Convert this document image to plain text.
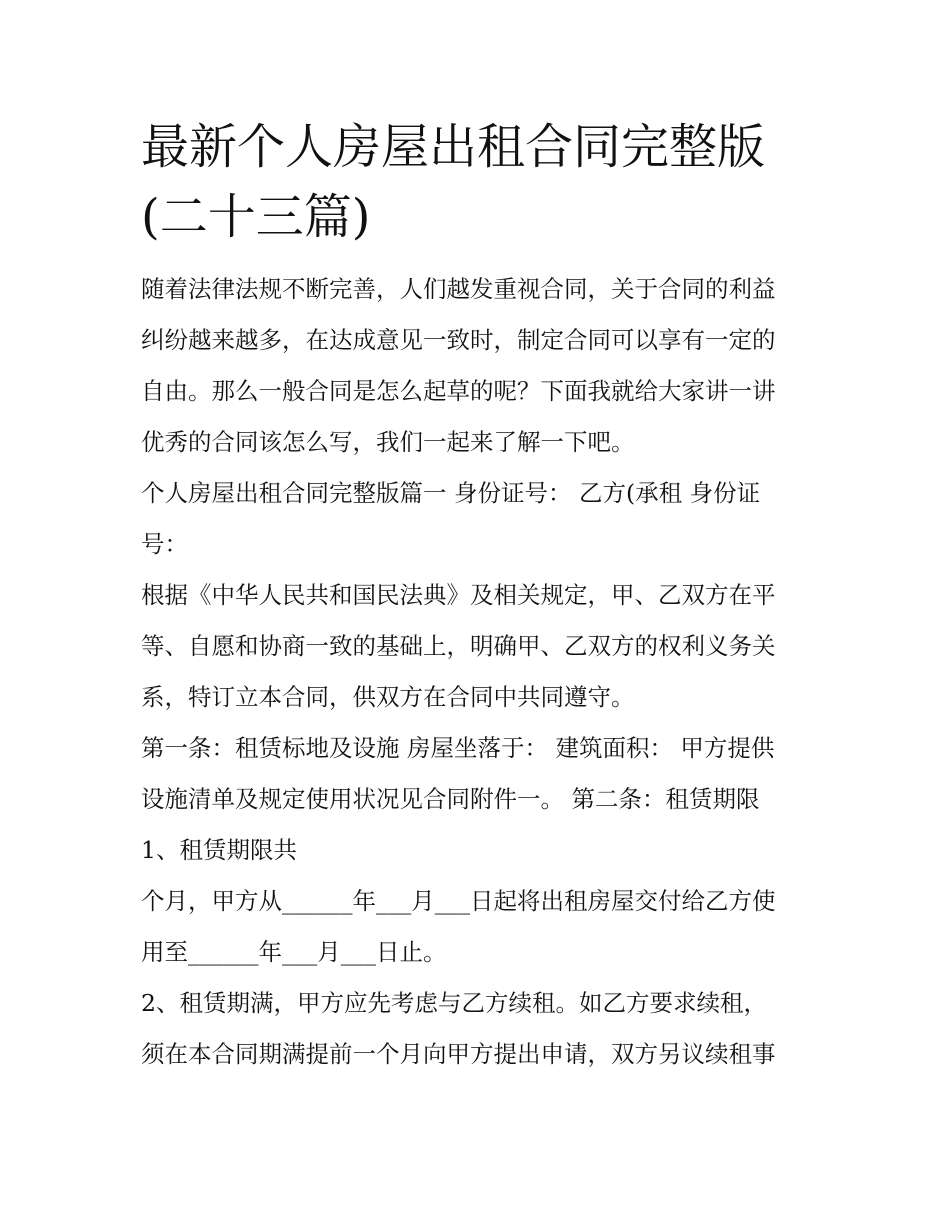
最新个人房屋出租合同完整版
(二十三篇)

随着法律法规不断完善，人们越发重视合同，关于合同的利益
纠纷越来越多，在达成意见一致时，制定合同可以享有一定的
自由。那么一般合同是怎么起草的呢？下面我就给大家讲一讲
优秀的合同该怎么写，我们一起来了解一下吧。

个人房屋出租合同完整版篇一 身份证号： 乙方(承租 身份证
号：

根据《中华人民共和国民法典》及相关规定，甲、乙双方在平
等、自愿和协商一致的基础上，明确甲、乙双方的权利义务关
系，特订立本合同，供双方在合同中共同遵守。

第一条：租赁标地及设施 房屋坐落于： 建筑面积： 甲方提供
设施清单及规定使用状况见合同附件一。 第二条：租赁期限

1、租赁期限共

个月，甲方从______年___月___日起将出租房屋交付给乙方使
用至______年___月___日止。

2、租赁期满，甲方应先考虑与乙方续租。如乙方要求续租，
须在本合同期满提前一个月向甲方提出申请，双方另议续租事
